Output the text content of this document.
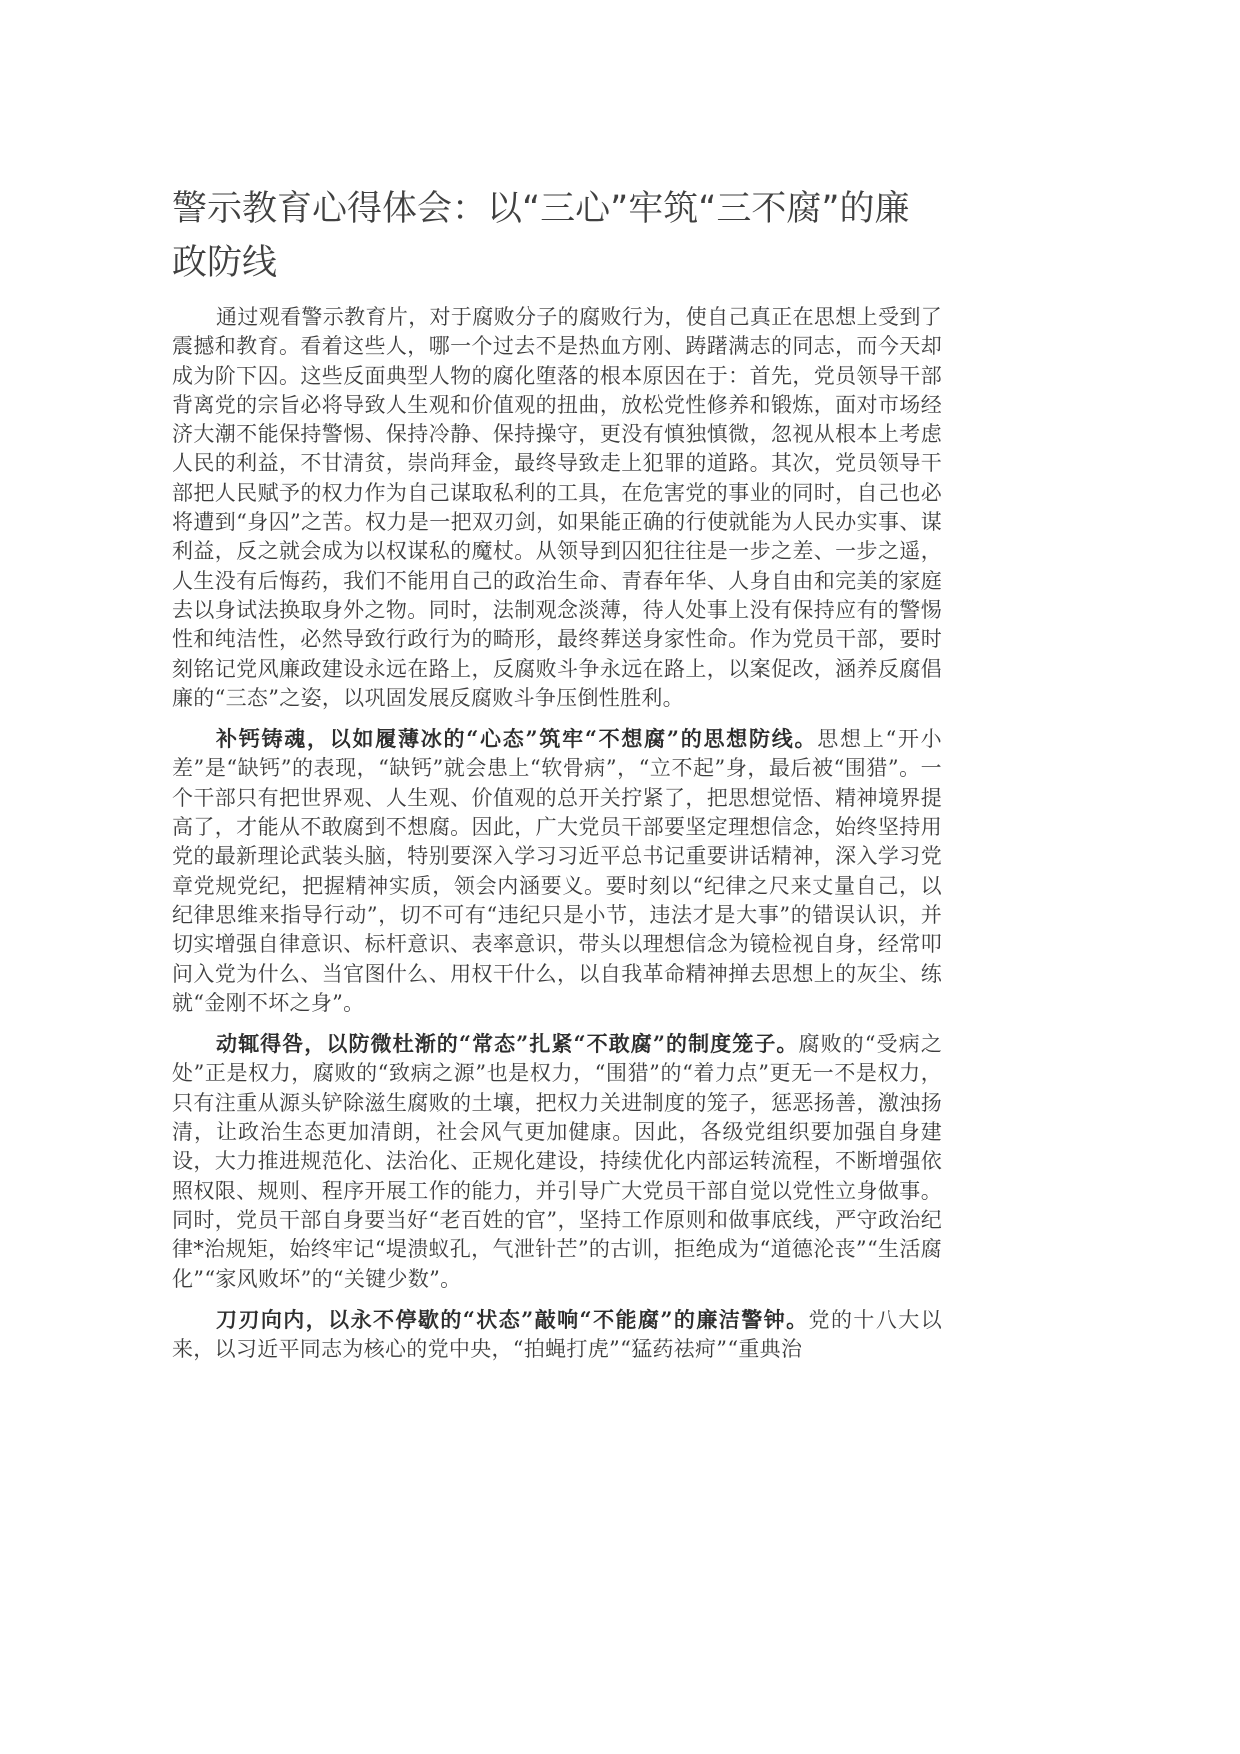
警示教育心得体会：以“三心”牢筑“三不腐”的廉政防线

通过观看警示教育片，对于腐败分子的腐败行为，使自己真正在思想上受到了震撼和教育。看着这些人，哪一个过去不是热血方刚、踌躇满志的同志，而今天却成为阶下囚。这些反面典型人物的腐化堕落的根本原因在于：首先，党员领导干部背离党的宗旨必将导致人生观和价值观的扭曲，放松党性修养和锻炼，面对市场经济大潮不能保持警惕、保持冷静、保持操守，更没有慎独慎微，忽视从根本上考虑人民的利益，不甘清贫，崇尚拜金，最终导致走上犯罪的道路。其次，党员领导干部把人民赋予的权力作为自己谋取私利的工具，在危害党的事业的同时，自己也必将遭到“身囚”之苦。权力是一把双刃剑，如果能正确的行使就能为人民办实事、谋利益，反之就会成为以权谋私的魔杖。从领导到囚犯往往是一步之差、一步之遥，人生没有后悔药，我们不能用自己的政治生命、青春年华、人身自由和完美的家庭去以身试法换取身外之物。同时，法制观念淡薄，待人处事上没有保持应有的警惕性和纯洁性，必然导致行政行为的畸形，最终葬送身家性命。作为党员干部，要时刻铭记党风廉政建设永远在路上，反腐败斗争永远在路上，以案促改，涵养反腐倡廉的“三态”之姿，以巩固发展反腐败斗争压倒性胜利。

补钙铸魂，以如履薄冰的“心态”筑牢“不想腐”的思想防线。思想上“开小差”是“缺钙”的表现，“缺钙”就会患上“软骨病”，“立不起”身，最后被“围猎”。一个干部只有把世界观、人生观、价值观的总开关拧紧了，把思想觉悟、精神境界提高了，才能从不敢腐到不想腐。因此，广大党员干部要坚定理想信念，始终坚持用党的最新理论武装头脑，特别要深入学习习近平总书记重要讲话精神，深入学习党章党规党纪，把握精神实质，领会内涵要义。要时刻以“纪律之尺来丈量自己，以纪律思维来指导行动”，切不可有“违纪只是小节，违法才是大事”的错误认识，并切实增强自律意识、标杆意识、表率意识，带头以理想信念为镜检视自身，经常叩问入党为什么、当官图什么、用权干什么，以自我革命精神掸去思想上的灰尘、练就“金刚不坏之身”。

动辄得咎，以防微杜渐的“常态”扎紧“不敢腐”的制度笼子。腐败的“受病之处”正是权力，腐败的“致病之源”也是权力，“围猎”的“着力点”更无一不是权力，只有注重从源头铲除滋生腐败的土壤，把权力关进制度的笼子，惩恶扬善，激浊扬清，让政治生态更加清朗，社会风气更加健康。因此，各级党组织要加强自身建设，大力推进规范化、法治化、正规化建设，持续优化内部运转流程，不断增强依照权限、规则、程序开展工作的能力，并引导广大党员干部自觉以党性立身做事。同时，党员干部自身要当好“老百姓的官”，坚持工作原则和做事底线，严守政治纪律*治规矩，始终牢记“堤溃蚁孔，气泄针芒”的古训，拒绝成为“道德沦丧”“生活腐化”“家风败坏”的“关键少数”。

刀刃向内，以永不停歇的“状态”敲响“不能腐”的廉洁警钟。党的十八大以来，以习近平同志为核心的党中央，“拍蝇打虎”“猛药祛疴”“重典治
